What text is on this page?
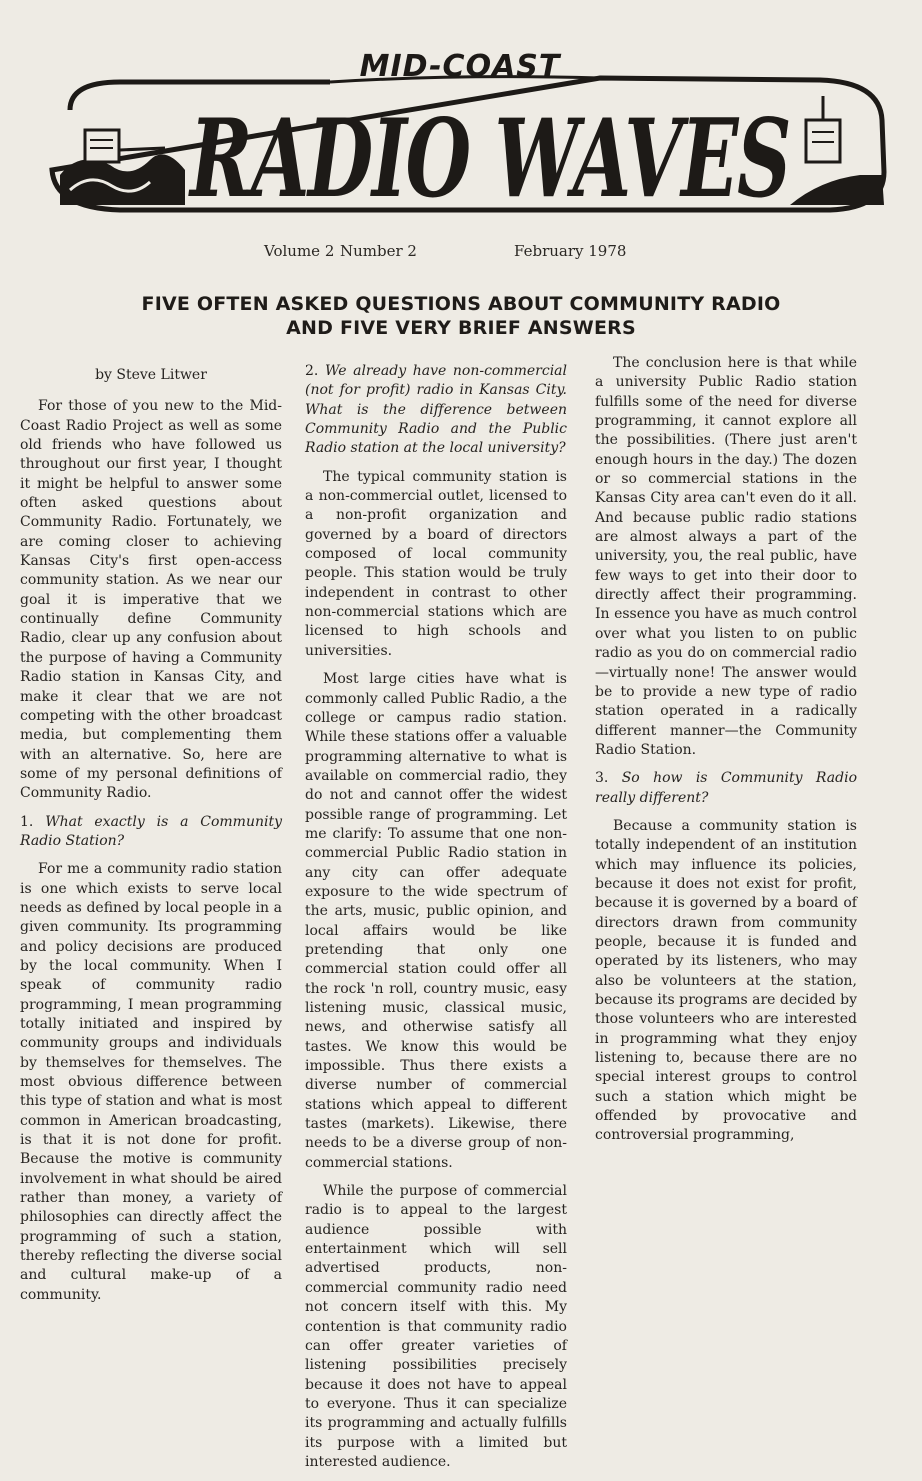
MID-COAST
RADIO WAVES
Volume 2 Number 2	February 1978
FIVE OFTEN ASKED QUESTIONS ABOUT COMMUNITY RADIO
AND FIVE VERY BRIEF ANSWERS

by Steve Litwer

For those of you new to the Mid-Coast Radio Project as well as some old friends who have followed us throughout our first year, I thought it might be helpful to answer some often asked questions about Community Radio. Fortunately, we are coming closer to achieving Kansas City's first open-access community station. As we near our goal it is imperative that we continually define Community Radio, clear up any confusion about the purpose of having a Community Radio station in Kansas City, and make it clear that we are not competing with the other broadcast media, but complementing them with an alternative. So, here are some of my personal definitions of Community Radio.

1. What exactly is a Community Radio Station?

For me a community radio station is one which exists to serve local needs as defined by local people in a given community. Its programming and policy decisions are produced by the local community. When I speak of community radio programming, I mean programming totally initiated and inspired by community groups and individuals by themselves for themselves. The most obvious difference between this type of station and what is most common in American broadcasting, is that it is not done for profit. Because the motive is community involvement in what should be aired rather than money, a variety of philosophies can directly affect the programming of such a station, thereby reflecting the diverse social and cultural make-up of a community.

2. We already have non-commercial (not for profit) radio in Kansas City. What is the difference between Community Radio and the Public Radio station at the local university?

The typical community station is a non-commercial outlet, licensed to a non-profit organization and governed by a board of directors composed of local community people. This station would be truly independent in contrast to other non-commercial stations which are licensed to high schools and universities.

Most large cities have what is commonly called Public Radio, a the college or campus radio station. While these stations offer a valuable programming alternative to what is available on commercial radio, they do not and cannot offer the widest possible range of programming. Let me clarify: To assume that one non-commercial Public Radio station in any city can offer adequate exposure to the wide spectrum of the arts, music, public opinion, and local affairs would be like pretending that only one commercial station could offer all the rock 'n roll, country music, easy listening music, classical music, news, and otherwise satisfy all tastes. We know this would be impossible. Thus there exists a diverse number of commercial stations which appeal to different tastes (markets). Likewise, there needs to be a diverse group of non-commercial stations.

While the purpose of commercial radio is to appeal to the largest audience possible with entertainment which will sell advertised products, non-commercial community radio need not concern itself with this. My contention is that community radio can offer greater varieties of listening possibilities precisely because it does not have to appeal to everyone. Thus it can specialize its programming and actually fulfills its purpose with a limited but interested audience.

The conclusion here is that while a university Public Radio station fulfills some of the need for diverse programming, it cannot explore all the possibilities. (There just aren't enough hours in the day.) The dozen or so commercial stations in the Kansas City area can't even do it all. And because public radio stations are almost always a part of the university, you, the real public, have few ways to get into their door to directly affect their programming. In essence you have as much control over what you listen to on public radio as you do on commercial radio—virtually none! The answer would be to provide a new type of radio station operated in a radically different manner—the Community Radio Station.

3. So how is Community Radio really different?

Because a community station is totally independent of an institution which may influence its policies, because it does not exist for profit, because it is governed by a board of directors drawn from community people, because it is funded and operated by its listeners, who may also be volunteers at the station, because its programs are decided by those volunteers who are interested in programming what they enjoy listening to, because there are no special interest groups to control such a station which might be offended by provocative and controversial programming,
